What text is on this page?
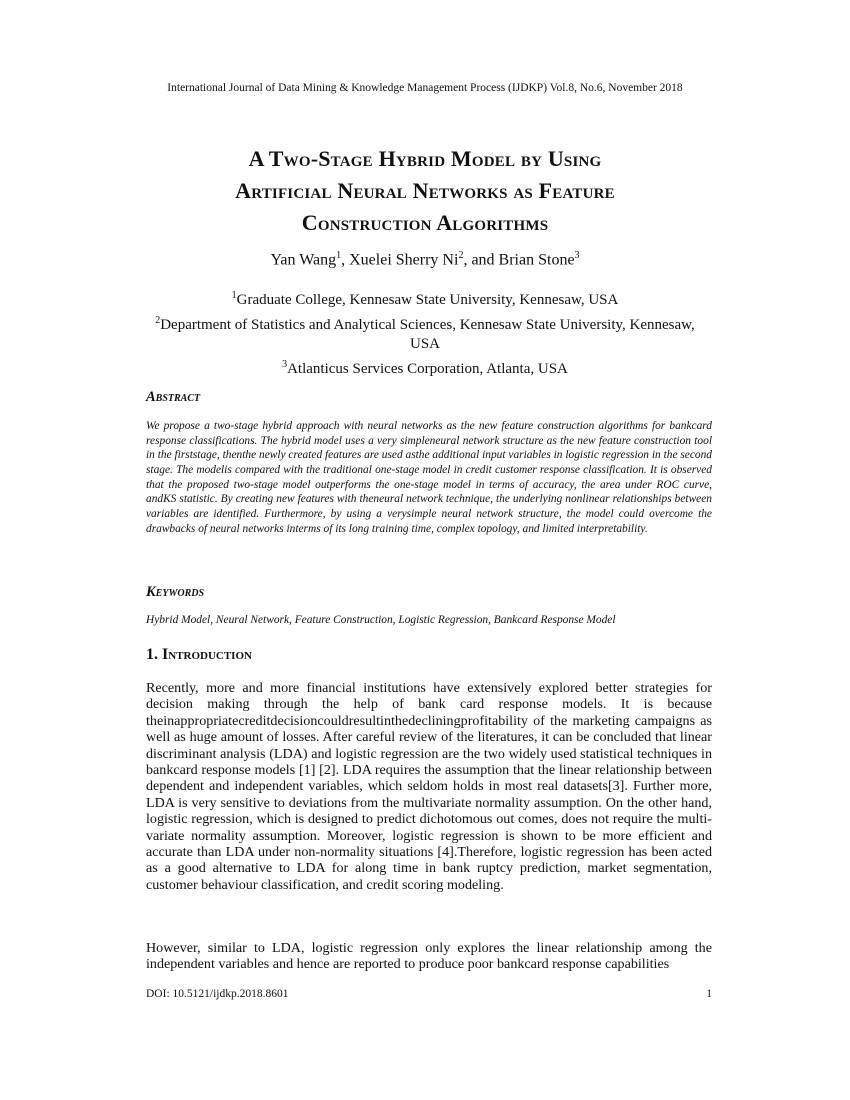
International Journal of Data Mining & Knowledge Management Process (IJDKP) Vol.8, No.6, November 2018
A Two-Stage Hybrid Model by Using
Artificial Neural Networks as Feature
Construction Algorithms
Yan Wang$^1$, Xuelei Sherry Ni$^2$, and Brian Stone$^3$
$^1$Graduate College, Kennesaw State University, Kennesaw, USA
$^2$Department of Statistics and Analytical Sciences, Kennesaw State University, Kennesaw, USA
$^3$Atlanticus Services Corporation, Atlanta, USA
Abstract
We propose a two-stage hybrid approach with neural networks as the new feature construction algorithms for bankcard response classifications. The hybrid model uses a very simpleneural network structure as the new feature construction tool in the firststage, thenthe newly created features are used asthe additional input variables in logistic regression in the second stage. The modelis compared with the traditional one-stage model in credit customer response classification. It is observed that the proposed two-stage model outperforms the one-stage model in terms of accuracy, the area under ROC curve, andKS statistic. By creating new features with theneural network technique, the underlying nonlinear relationships between variables are identified. Furthermore, by using a verysimple neural network structure, the model could overcome the drawbacks of neural networks interms of its long training time, complex topology, and limited interpretability.
Keywords
Hybrid Model, Neural Network, Feature Construction, Logistic Regression, Bankcard Response Model
1. Introduction
Recently, more and more financial institutions have extensively explored better strategies for decision making through the help of bank card response models. It is because theinappropriatecreditdecisioncouldresultinthedecliningprofitability of the marketing campaigns as well as huge amount of losses. After careful review of the literatures, it can be concluded that linear discriminant analysis (LDA) and logistic regression are the two widely used statistical techniques in bankcard response models [1] [2]. LDA requires the assumption that the linear relationship between dependent and independent variables, which seldom holds in most real datasets[3]. Further more, LDA is very sensitive to deviations from the multivariate normality assumption. On the other hand, logistic regression, which is designed to predict dichotomous out comes, does not require the multi-variate normality assumption. Moreover, logistic regression is shown to be more efficient and accurate than LDA under non-normality situations [4].Therefore, logistic regression has been acted as a good alternative to LDA for along time in bank ruptcy prediction, market segmentation, customer behaviour classification, and credit scoring modeling.
However, similar to LDA, logistic regression only explores the linear relationship among the independent variables and hence are reported to produce poor bankcard response capabilities
DOI: 10.5121/ijdkp.2018.8601	1
